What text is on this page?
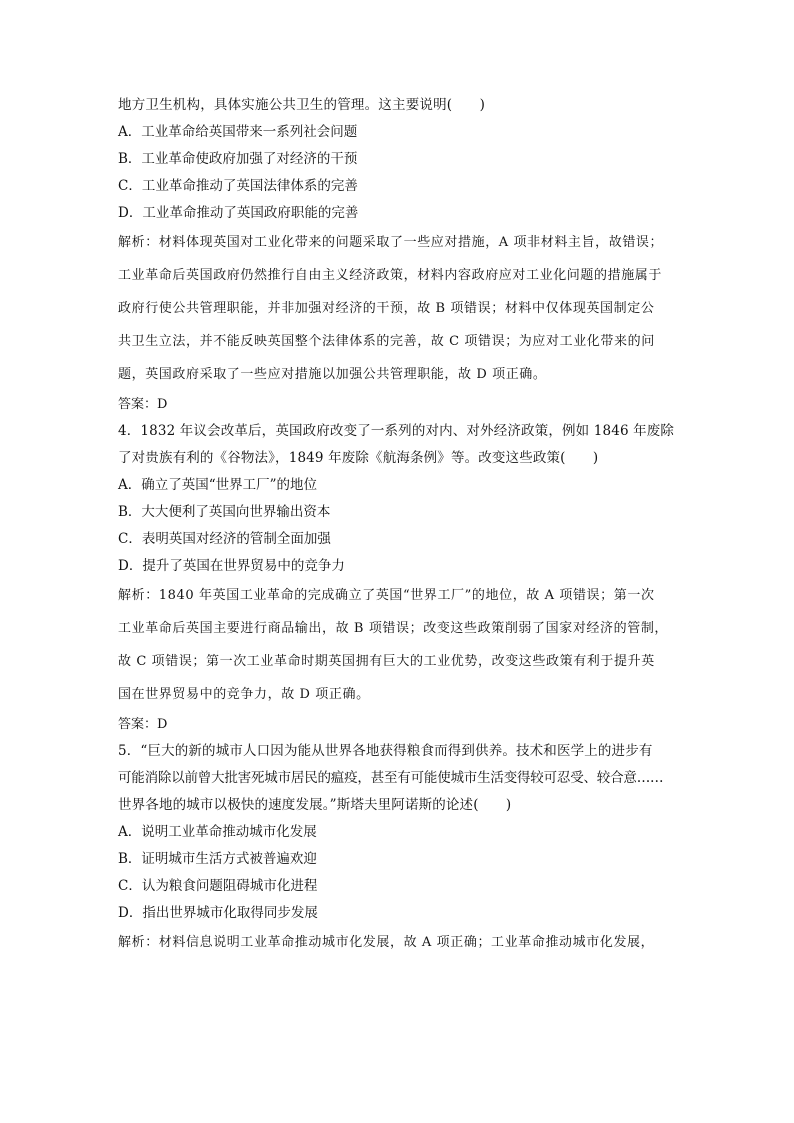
地方卫生机构，具体实施公共卫生的管理。这主要说明(　　)
A．工业革命给英国带来一系列社会问题
B．工业革命使政府加强了对经济的干预
C．工业革命推动了英国法律体系的完善
D．工业革命推动了英国政府职能的完善
解析：材料体现英国对工业化带来的问题采取了一些应对措施，A 项非材料主旨，故错误；
工业革命后英国政府仍然推行自由主义经济政策，材料内容政府应对工业化问题的措施属于
政府行使公共管理职能，并非加强对经济的干预，故 B 项错误；材料中仅体现英国制定公
共卫生立法，并不能反映英国整个法律体系的完善，故 C 项错误；为应对工业化带来的问
题，英国政府采取了一些应对措施以加强公共管理职能，故 D 项正确。
答案：D
4．1832 年议会改革后，英国政府改变了一系列的对内、对外经济政策，例如 1846 年废除
了对贵族有利的《谷物法》，1849 年废除《航海条例》等。改变这些政策(　　)
A．确立了英国“世界工厂”的地位
B．大大便利了英国向世界输出资本
C．表明英国对经济的管制全面加强
D．提升了英国在世界贸易中的竞争力
解析：1840 年英国工业革命的完成确立了英国“世界工厂”的地位，故 A 项错误；第一次
工业革命后英国主要进行商品输出，故 B 项错误；改变这些政策削弱了国家对经济的管制，
故 C 项错误；第一次工业革命时期英国拥有巨大的工业优势，改变这些政策有利于提升英
国在世界贸易中的竞争力，故 D 项正确。
答案：D
5．“巨大的新的城市人口因为能从世界各地获得粮食而得到供养。技术和医学上的进步有
可能消除以前曾大批害死城市居民的瘟疫，甚至有可能使城市生活变得较可忍受、较合意……
世界各地的城市以极快的速度发展。”斯塔夫里阿诺斯的论述(　　)
A．说明工业革命推动城市化发展
B．证明城市生活方式被普遍欢迎
C．认为粮食问题阻碍城市化进程
D．指出世界城市化取得同步发展
解析：材料信息说明工业革命推动城市化发展，故 A 项正确；工业革命推动城市化发展，
